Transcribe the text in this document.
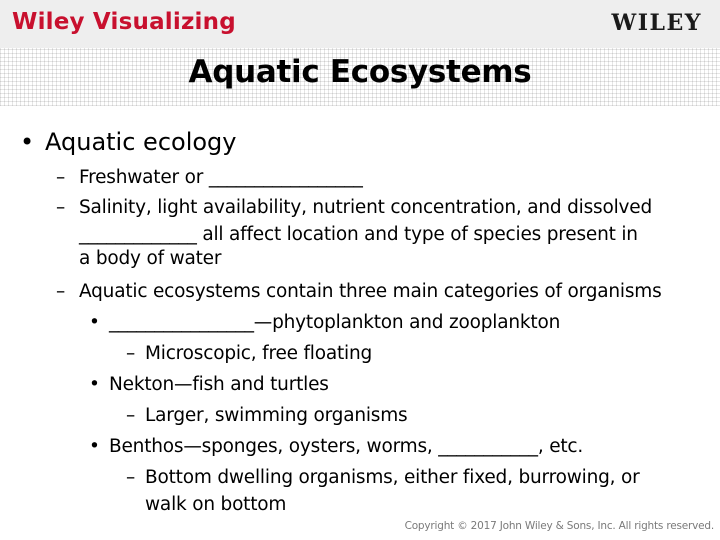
Wiley Visualizing	WILEY
Aquatic Ecosystems
• Aquatic ecology
– Freshwater or _________________
– Salinity, light availability, nutrient concentration, and dissolved
_____________ all affect location and type of species present in
a body of water
– Aquatic ecosystems contain three main categories of organisms
• ________________—phytoplankton and zooplankton
– Microscopic, free floating
• Nekton—fish and turtles
– Larger, swimming organisms
• Benthos—sponges, oysters, worms, ___________, etc.
– Bottom dwelling organisms, either fixed, burrowing, or
walk on bottom
Copyright © 2017 John Wiley & Sons, Inc. All rights reserved.
